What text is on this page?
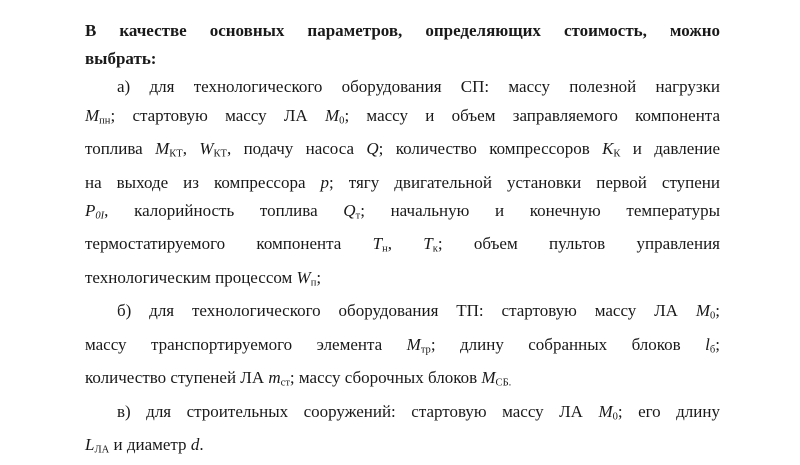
В качестве основных параметров, определяющих стоимость, можно
выбрать:
а) для технологического оборудования СП: массу полезной нагрузки
Мпн; стартовую массу ЛА М0; массу и объем заправляемого компонента
топлива МКТ, WКТ, подачу насоса Q; количество компрессоров КК и давление
на выходе из компрессора p; тягу двигательной установки первой ступени
P0I, калорийность топлива Qт; начальную и конечную температуры
термостатируемого компонента Тн, Тк; объем пультов управления
технологическим процессом Wп;
б) для технологического оборудования ТП: стартовую массу ЛА М0;
массу транспортируемого элемента Мтр; длину собранных блоков lб;
количество ступеней ЛА mст; массу сборочных блоков МСБ.
в) для строительных сооружений: стартовую массу ЛА М0; его длину
LЛА и диаметр d.
